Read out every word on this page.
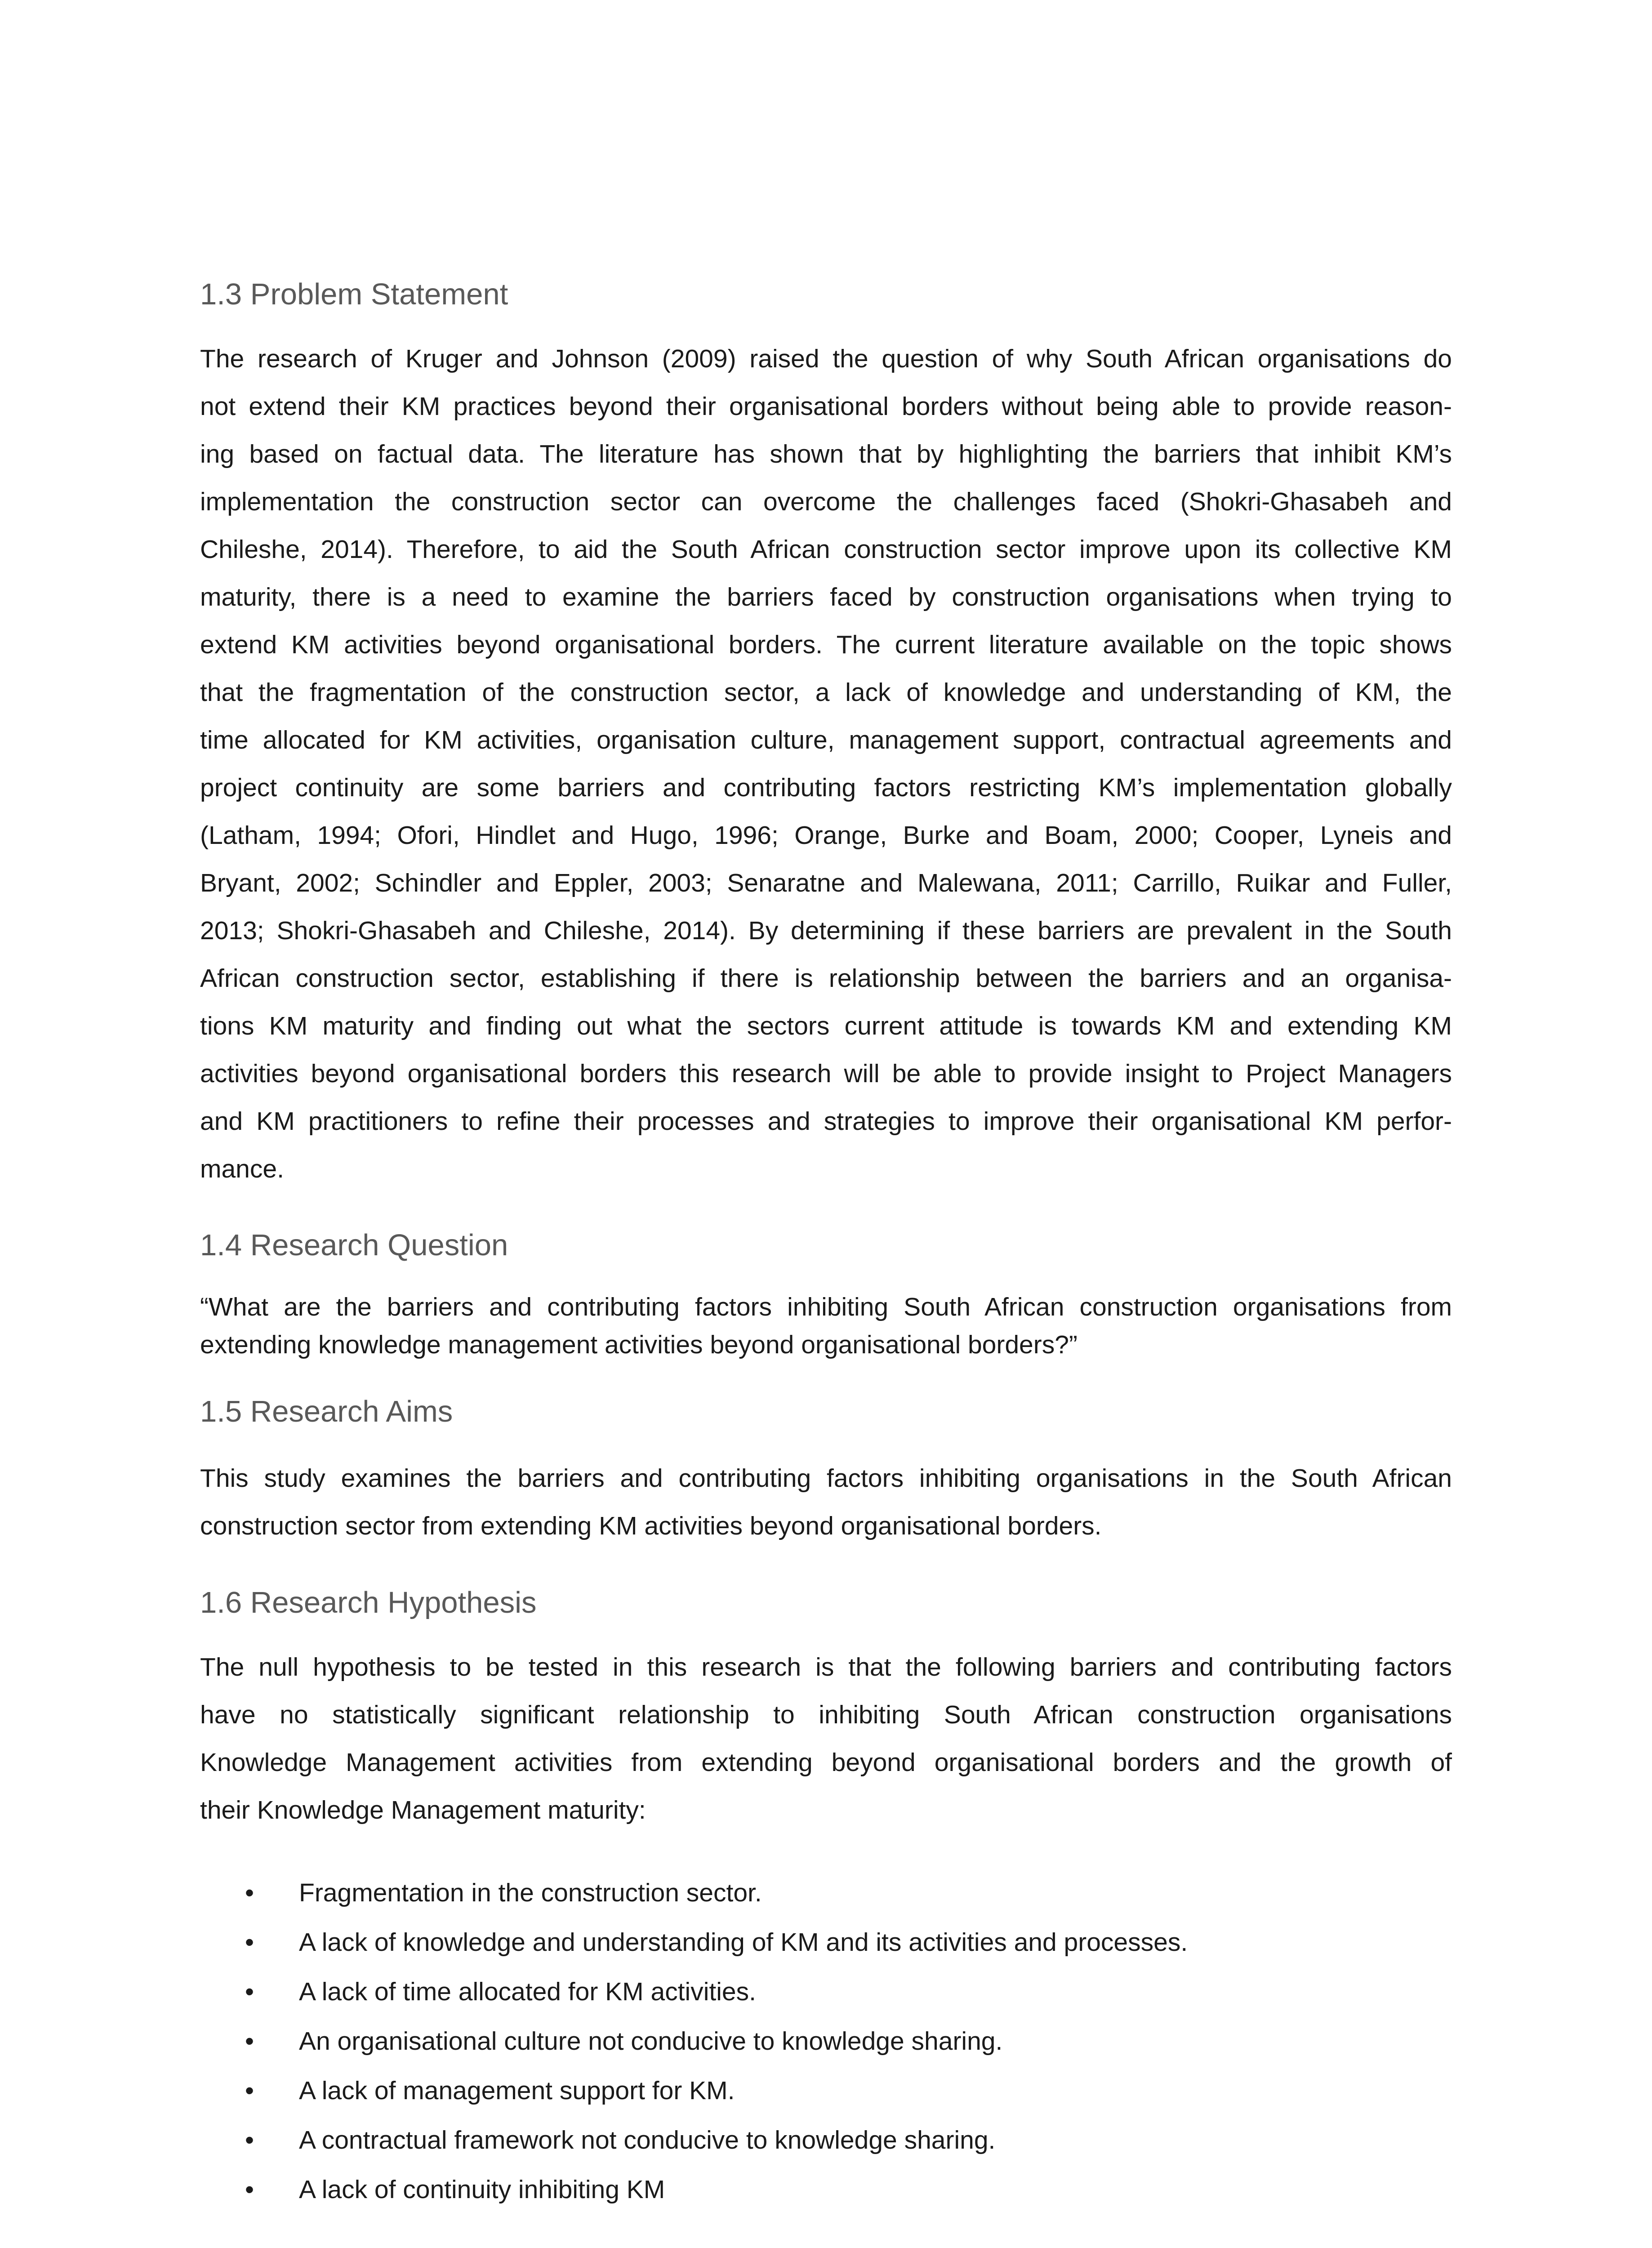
1.3 Problem Statement

The research of Kruger and Johnson (2009) raised the question of why South African organisations do
not extend their KM practices beyond their organisational borders without being able to provide reason-
ing based on factual data. The literature has shown that by highlighting the barriers that inhibit KM’s
implementation the construction sector can overcome the challenges faced (Shokri-Ghasabeh and
Chileshe, 2014). Therefore, to aid the South African construction sector improve upon its collective KM
maturity, there is a need to examine the barriers faced by construction organisations when trying to
extend KM activities beyond organisational borders. The current literature available on the topic shows
that the fragmentation of the construction sector, a lack of knowledge and understanding of KM, the
time allocated for KM activities, organisation culture, management support, contractual agreements and
project continuity are some barriers and contributing factors restricting KM’s implementation globally
(Latham, 1994; Ofori, Hindlet and Hugo, 1996; Orange, Burke and Boam, 2000; Cooper, Lyneis and
Bryant, 2002; Schindler and Eppler, 2003; Senaratne and Malewana, 2011; Carrillo, Ruikar and Fuller,
2013; Shokri-Ghasabeh and Chileshe, 2014). By determining if these barriers are prevalent in the South
African construction sector, establishing if there is relationship between the barriers and an organisa-
tions KM maturity and finding out what the sectors current attitude is towards KM and extending KM
activities beyond organisational borders this research will be able to provide insight to Project Managers
and KM practitioners to refine their processes and strategies to improve their organisational KM perfor-
mance.

1.4 Research Question

“What are the barriers and contributing factors inhibiting South African construction organisations from
extending knowledge management activities beyond organisational borders?”

1.5 Research Aims

This study examines the barriers and contributing factors inhibiting organisations in the South African
construction sector from extending KM activities beyond organisational borders.

1.6 Research Hypothesis

The null hypothesis to be tested in this research is that the following barriers and contributing factors
have no statistically significant relationship to inhibiting South African construction organisations
Knowledge Management activities from extending beyond organisational borders and the growth of
their Knowledge Management maturity:

• Fragmentation in the construction sector.
• A lack of knowledge and understanding of KM and its activities and processes.
• A lack of time allocated for KM activities.
• An organisational culture not conducive to knowledge sharing.
• A lack of management support for KM.
• A contractual framework not conducive to knowledge sharing.
• A lack of continuity inhibiting KM
